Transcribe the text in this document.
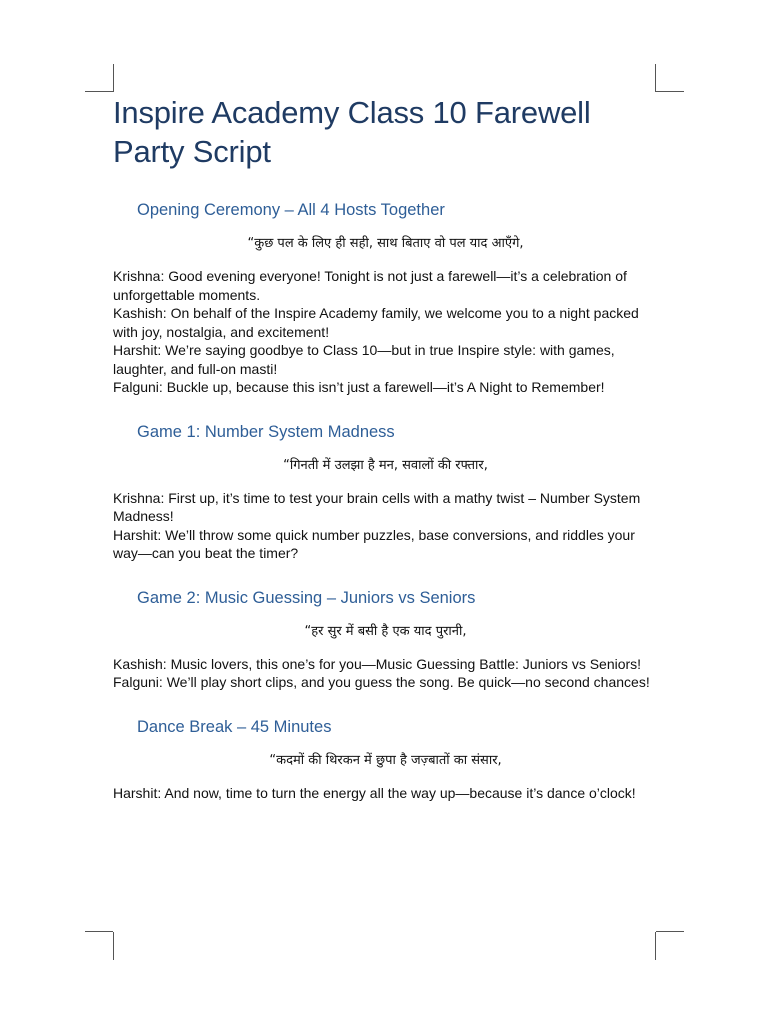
Inspire Academy Class 10 Farewell Party Script
Opening Ceremony – All 4 Hosts Together

“कुछ पल के लिए ही सही, साथ बिताए वो पल याद आएँगे,

Krishna: Good evening everyone! Tonight is not just a farewell—it’s a celebration of unforgettable moments.

Kashish: On behalf of the Inspire Academy family, we welcome you to a night packed with joy, nostalgia, and excitement!

Harshit: We’re saying goodbye to Class 10—but in true Inspire style: with games, laughter, and full-on masti!

Falguni: Buckle up, because this isn’t just a farewell—it’s A Night to Remember!

Game 1: Number System Madness

“गिनती में उलझा है मन, सवालों की रफ्तार,

Krishna: First up, it’s time to test your brain cells with a mathy twist – Number System Madness!

Harshit: We’ll throw some quick number puzzles, base conversions, and riddles your way—can you beat the timer?

Game 2: Music Guessing – Juniors vs Seniors

“हर सुर में बसी है एक याद पुरानी,

Kashish: Music lovers, this one’s for you—Music Guessing Battle: Juniors vs Seniors!

Falguni: We’ll play short clips, and you guess the song. Be quick—no second chances!

Dance Break – 45 Minutes

“कदमों की थिरकन में छुपा है जज़्बातों का संसार,

Harshit: And now, time to turn the energy all the way up—because it’s dance o’clock!
